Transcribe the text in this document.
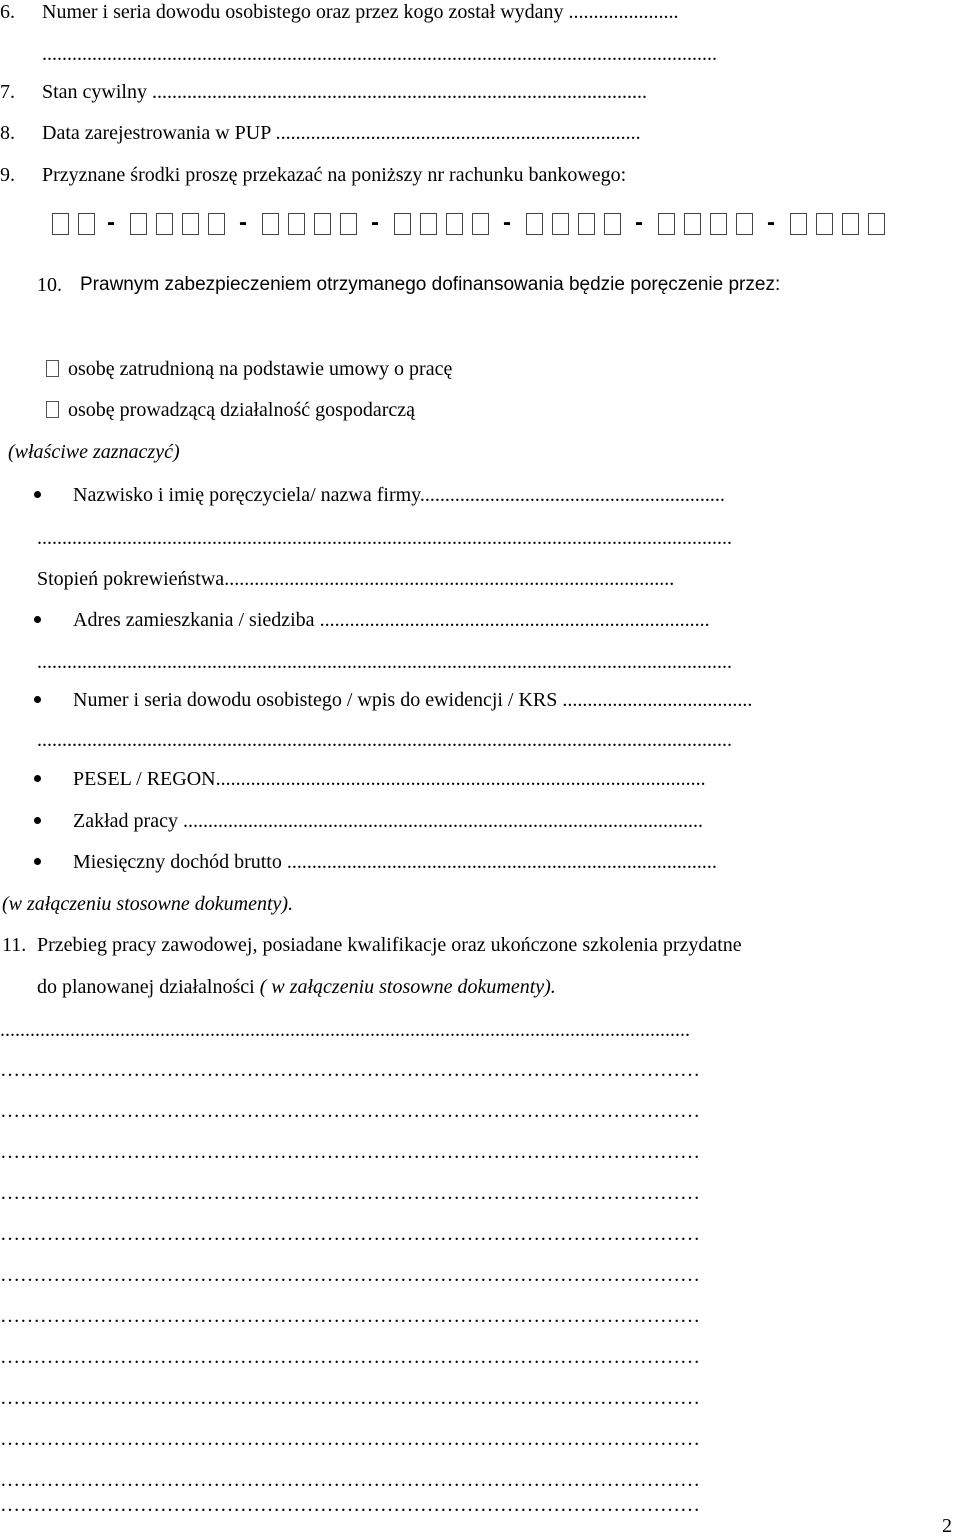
6. Numer i seria dowodu osobistego oraz przez kogo został wydany ......................
.......................................................................................................................................
7. Stan cywilny ...................................................................................................
8. Data zarejestrowania w PUP .........................................................................
9. Przyznane środki proszę przekazać na poniższy nr rachunku bankowego:
-	-	-	-	-	-
10. Prawnym zabezpieczeniem otrzymanego dofinansowania będzie poręczenie przez:
osobę zatrudnioną na podstawie umowy o pracę
osobę prowadzącą działalność gospodarczą
(właściwe zaznaczyć)
Nazwisko i imię poręczyciela/ nazwa firmy.............................................................
...........................................................................................................................................
Stopień pokrewieństwa..........................................................................................
Adres zamieszkania / siedziba ..............................................................................
...........................................................................................................................................
Numer i seria dowodu osobistego / wpis do ewidencji / KRS ......................................
...........................................................................................................................................
PESEL / REGON..................................................................................................
Zakład pracy ........................................................................................................
Miesięczny dochód brutto ......................................................................................
(w załączeniu stosowne dokumenty).
11. Przebieg pracy zawodowej, posiadane kwalifikacje oraz ukończone szkolenia przydatne
do planowanej działalności ( w załączeniu stosowne dokumenty).
..........................................................................................................................................
……………………………………………………………………………………………
……………………………………………………………………………………………
……………………………………………………………………………………………
……………………………………………………………………………………………
……………………………………………………………………………………………
……………………………………………………………………………………………
……………………………………………………………………………………………
……………………………………………………………………………………………
……………………………………………………………………………………………
……………………………………………………………………………………………
……………………………………………………………………………………………
……………………………………………………………………………………………
2
